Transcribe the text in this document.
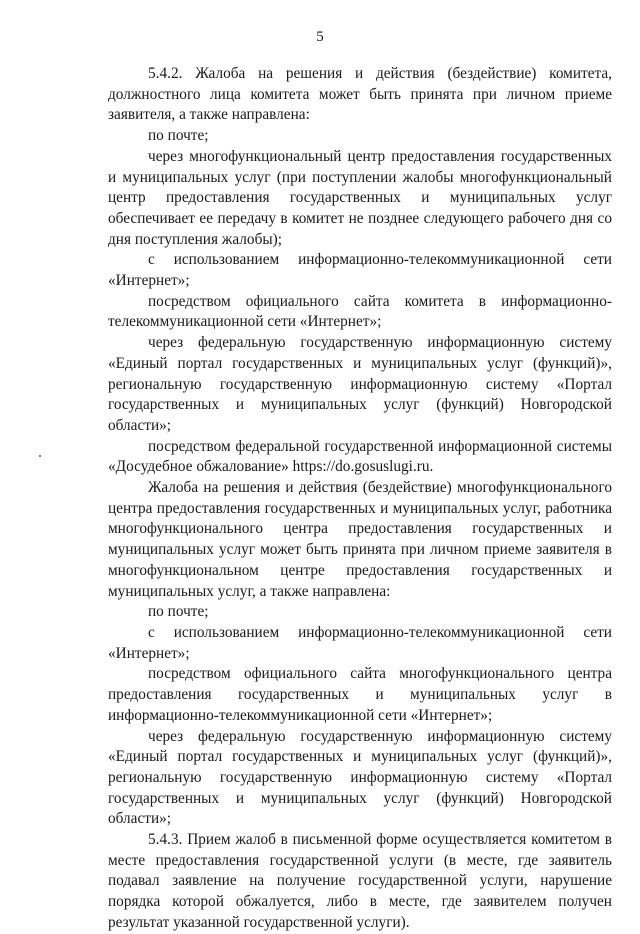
5

5.4.2. Жалоба на решения и действия (бездействие) комитета, должностного лица комитета может быть принята при личном приеме заявителя, а также направлена:

по почте;

через многофункциональный центр предоставления государственных и муниципальных услуг (при поступлении жалобы многофункциональный центр предоставления государственных и муниципальных услуг обеспечивает ее передачу в комитет не позднее следующего рабочего дня со дня поступления жалобы);

с использованием информационно-телекоммуникационной сети «Интернет»;

посредством официального сайта комитета в информационно-телекоммуникационной сети «Интернет»;

через федеральную государственную информационную систему «Единый портал государственных и муниципальных услуг (функций)», региональную государственную информационную систему «Портал государственных и муниципальных услуг (функций) Новгородской области»;

посредством федеральной государственной информационной системы «Досудебное обжалование» https://do.gosuslugi.ru.

Жалоба на решения и действия (бездействие) многофункционального центра предоставления государственных и муниципальных услуг, работника многофункционального центра предоставления государственных и муниципальных услуг может быть принята при личном приеме заявителя в многофункциональном центре предоставления государственных и муниципальных услуг, а также направлена:

по почте;

с использованием информационно-телекоммуникационной сети «Интернет»;

посредством официального сайта многофункционального центра предоставления государственных и муниципальных услуг в информационно-телекоммуникационной сети «Интернет»;

через федеральную государственную информационную систему «Единый портал государственных и муниципальных услуг (функций)», региональную государственную информационную систему «Портал государственных и муниципальных услуг (функций) Новгородской области»;

5.4.3. Прием жалоб в письменной форме осуществляется комитетом в месте предоставления государственной услуги (в месте, где заявитель подавал заявление на получение государственной услуги, нарушение порядка которой обжалуется, либо в месте, где заявителем получен результат указанной государственной услуги).
